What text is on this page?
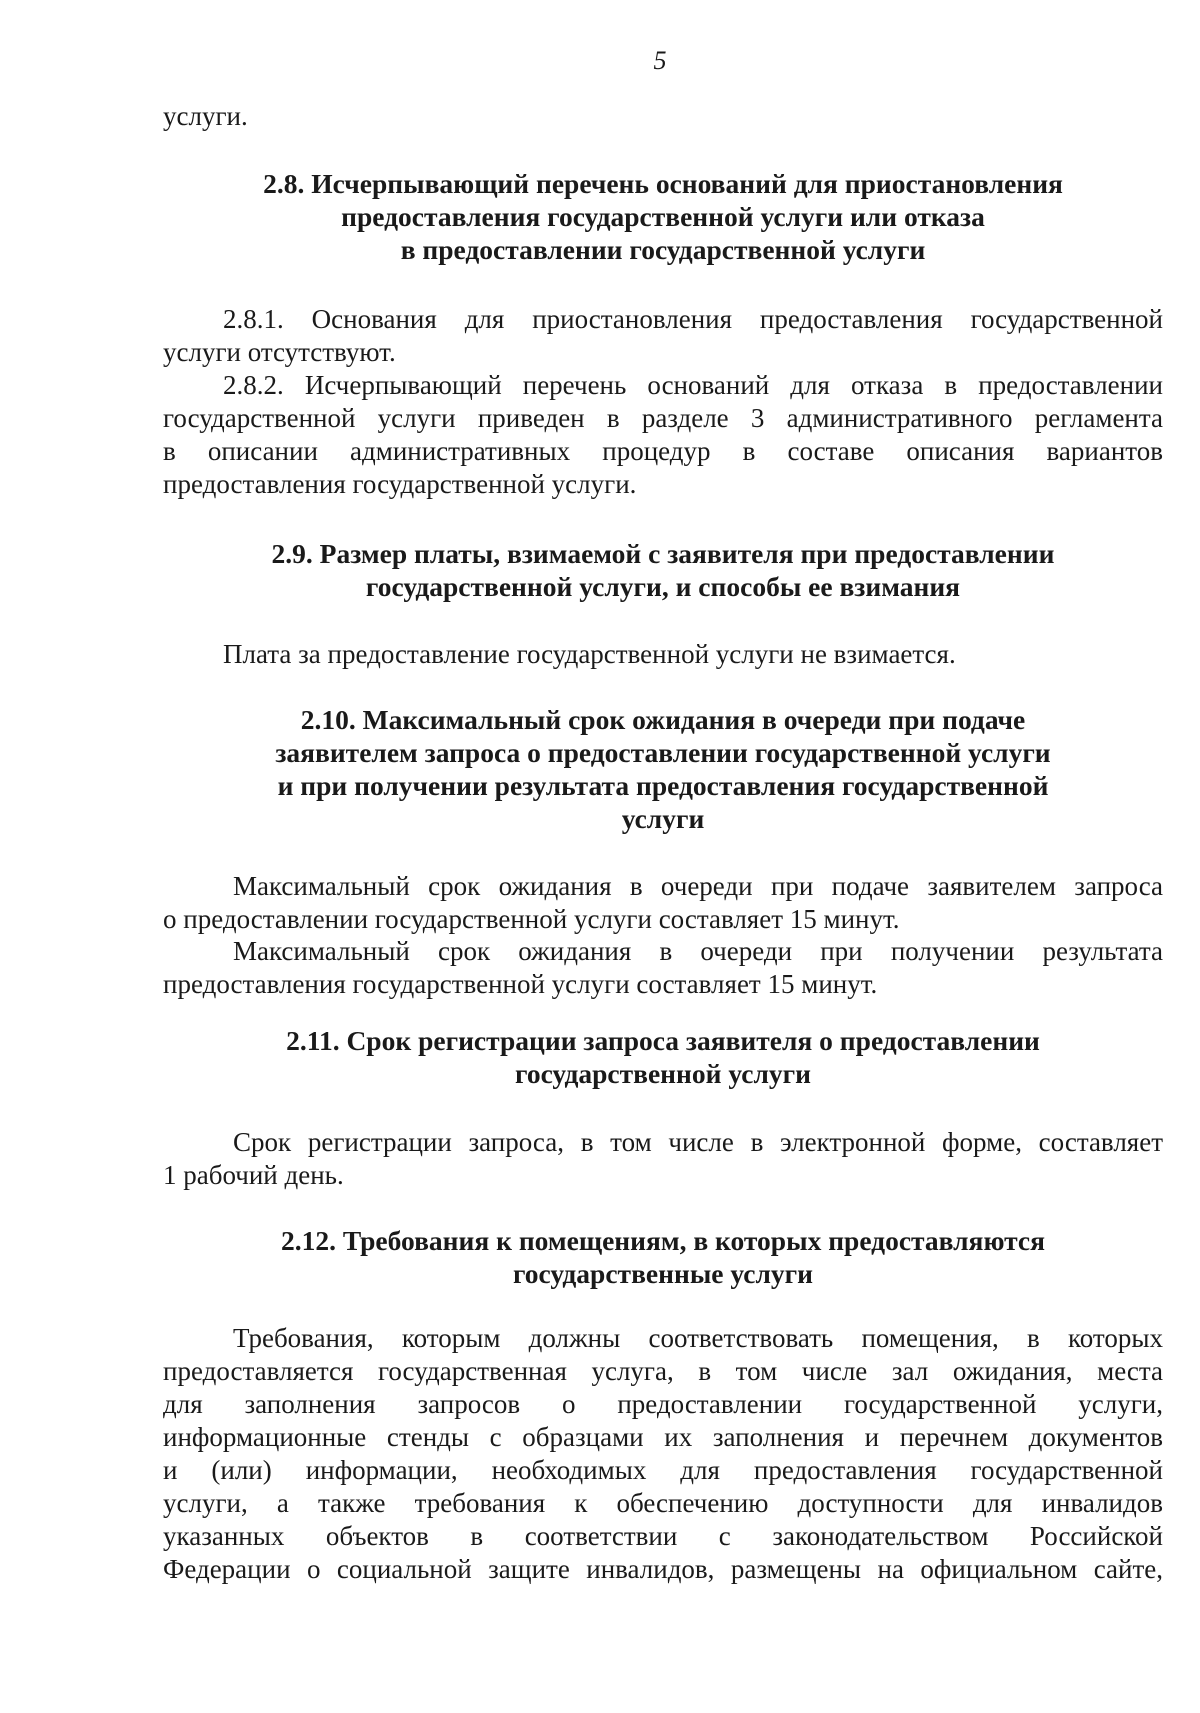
5
услуги.
2.8. Исчерпывающий перечень оснований для приостановления
предоставления государственной услуги или отказа
в предоставлении государственной услуги
2.8.1. Основания для приостановления предоставления государственной
услуги отсутствуют.
2.8.2. Исчерпывающий перечень оснований для отказа в предоставлении
государственной услуги приведен в разделе 3 административного регламента
в описании административных процедур в составе описания вариантов
предоставления государственной услуги.
2.9. Размер платы, взимаемой с заявителя при предоставлении
государственной услуги, и способы ее взимания
Плата за предоставление государственной услуги не взимается.
2.10. Максимальный срок ожидания в очереди при подаче
заявителем запроса о предоставлении государственной услуги
и при получении результата предоставления государственной
услуги
Максимальный срок ожидания в очереди при подаче заявителем запроса
о предоставлении государственной услуги составляет 15 минут.
Максимальный срок ожидания в очереди при получении результата
предоставления государственной услуги составляет 15 минут.
2.11. Срок регистрации запроса заявителя о предоставлении
государственной услуги
Срок регистрации запроса, в том числе в электронной форме, составляет
1 рабочий день.
2.12. Требования к помещениям, в которых предоставляются
государственные услуги
Требования, которым должны соответствовать помещения, в которых
предоставляется государственная услуга, в том числе зал ожидания, места
для заполнения запросов о предоставлении государственной услуги,
информационные стенды с образцами их заполнения и перечнем документов
и (или) информации, необходимых для предоставления государственной
услуги, а также требования к обеспечению доступности для инвалидов
указанных объектов в соответствии с законодательством Российской
Федерации о социальной защите инвалидов, размещены на официальном сайте,
